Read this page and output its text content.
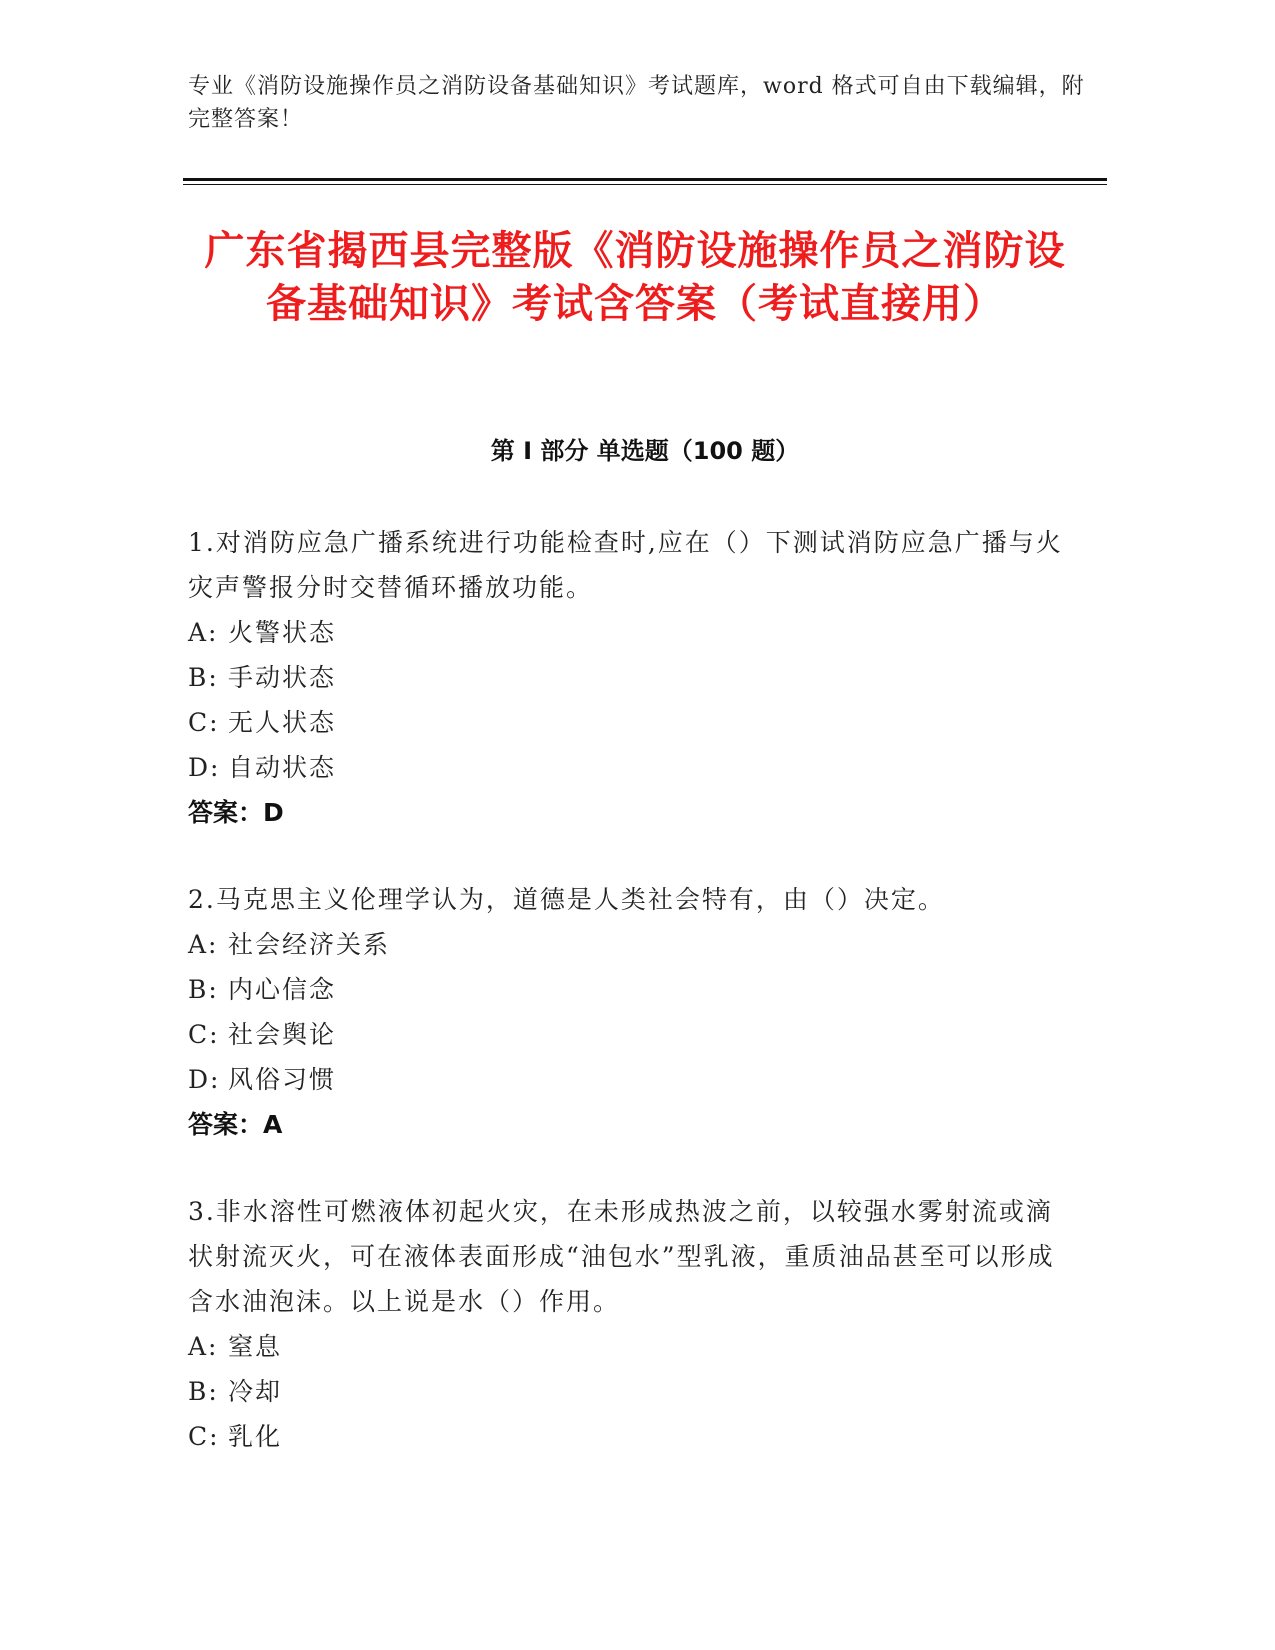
专业《消防设施操作员之消防设备基础知识》考试题库，word 格式可自由下载编辑，附完整答案！
广东省揭西县完整版《消防设施操作员之消防设备基础知识》考试含答案（考试直接用）
第 I 部分 单选题（100 题）

1.对消防应急广播系统进行功能检查时,应在（）下测试消防应急广播与火灾声警报分时交替循环播放功能。

A: 火警状态
B: 手动状态
C: 无人状态
D: 自动状态
答案：D

2.马克思主义伦理学认为，道德是人类社会特有，由（）决定。

A: 社会经济关系
B: 内心信念
C: 社会舆论
D: 风俗习惯
答案：A

3.非水溶性可燃液体初起火灾，在未形成热波之前，以较强水雾射流或滴状射流灭火，可在液体表面形成“油包水”型乳液，重质油品甚至可以形成含水油泡沫。以上说是水（）作用。

A: 窒息
B: 冷却
C: 乳化
